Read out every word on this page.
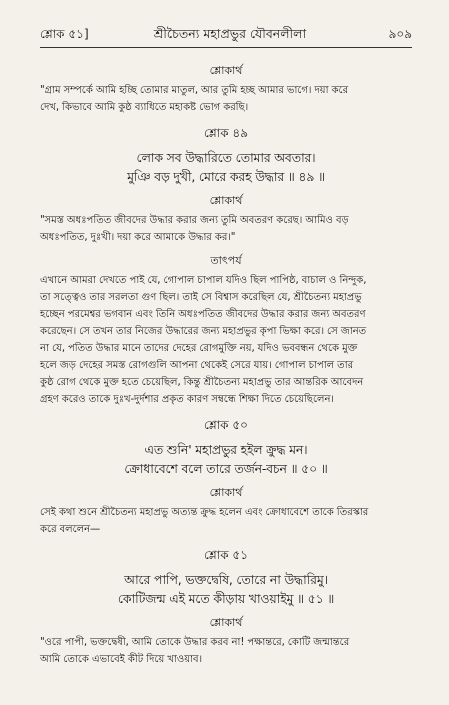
শ্লোক ৫১]	শ্রীচৈতন্য মহাপ্রভুর যৌবনলীলা	৯০৯
শ্লোকার্থ
"গ্রাম সম্পর্কে আমি হচ্ছি তোমার মাতুল, আর তুমি হচ্ছ আমার ভাগে। দয়া করে
দেখ, কিভাবে আমি কুষ্ঠ ব্যাধিতে মহাকষ্ট ভোগ করছি।
শ্লোক ৪৯
লোক সব উদ্ধারিতে তোমার অবতার।
মুঞি বড় দুখী, মোরে করহ উদ্ধার ॥ ৪৯ ॥
শ্লোকার্থ
"সমস্ত অধঃপতিত জীবদের উদ্ধার করার জন্য তুমি অবতরণ করেছ। আমিও বড়
অধঃপতিত, দুঃখী। দয়া করে আমাকে উদ্ধার কর।"
তাৎপর্য
এখানে আমরা দেখতে পাই যে, গোপাল চাপাল যদিও ছিল পাপিষ্ঠ, বাচাল ও নিন্দুক,
তা সত্ত্বেও তার সরলতা গুণ ছিল। তাই সে বিশ্বাস করেছিল যে, শ্রীচৈতন্য মহাপ্রভু
হচ্ছেন পরমেশ্বর ভগবান এবং তিনি অধঃপতিত জীবদের উদ্ধার করার জন্য অবতরণ
করেছেন। সে তখন তার নিজের উদ্ধারের জন্য মহাপ্রভুর কৃপা ভিক্ষা করে। সে জানত
না যে, পতিত উদ্ধার মানে তাদের দেহের রোগমুক্তি নয়, যদিও ভববন্ধন থেকে মুক্ত
হলে জড় দেহের সমস্ত রোগগুলি আপনা থেকেই সেরে যায়। গোপাল চাপাল তার
কুষ্ঠ রোগ থেকে মুক্ত হতে চেয়েছিল, কিন্তু শ্রীচৈতন্য মহাপ্রভু তার আন্তরিক আবেদন
গ্রহণ করেও তাকে দুঃখ-দুর্দশার প্রকৃত কারণ সম্বন্ধে শিক্ষা দিতে চেয়েছিলেন।
শ্লোক ৫০
এত শুনি' মহাপ্রভুর হইল ক্রুদ্ধ মন।
ক্রোধাবেশে বলে তারে তর্জন-বচন ॥ ৫০ ॥
শ্লোকার্থ
সেই কথা শুনে শ্রীচৈতন্য মহাপ্রভু অত্যন্ত ক্রুদ্ধ হলেন এবং ক্রোধাবেশে তাকে তিরস্কার
করে বললেন—
শ্লোক ৫১
আরে পাপি, ভক্তদ্বেষি, তোরে না উদ্ধারিমু।
কোটিজন্ম এই মতে কীড়ায় খাওয়াইমু ॥ ৫১ ॥
শ্লোকার্থ
"ওরে পাপী, ভক্তদ্বেষী, আমি তোকে উদ্ধার করব না! পক্ষান্তরে, কোটি জন্মান্তরে
আমি তোকে এভাবেই কীট দিয়ে খাওয়াব।
